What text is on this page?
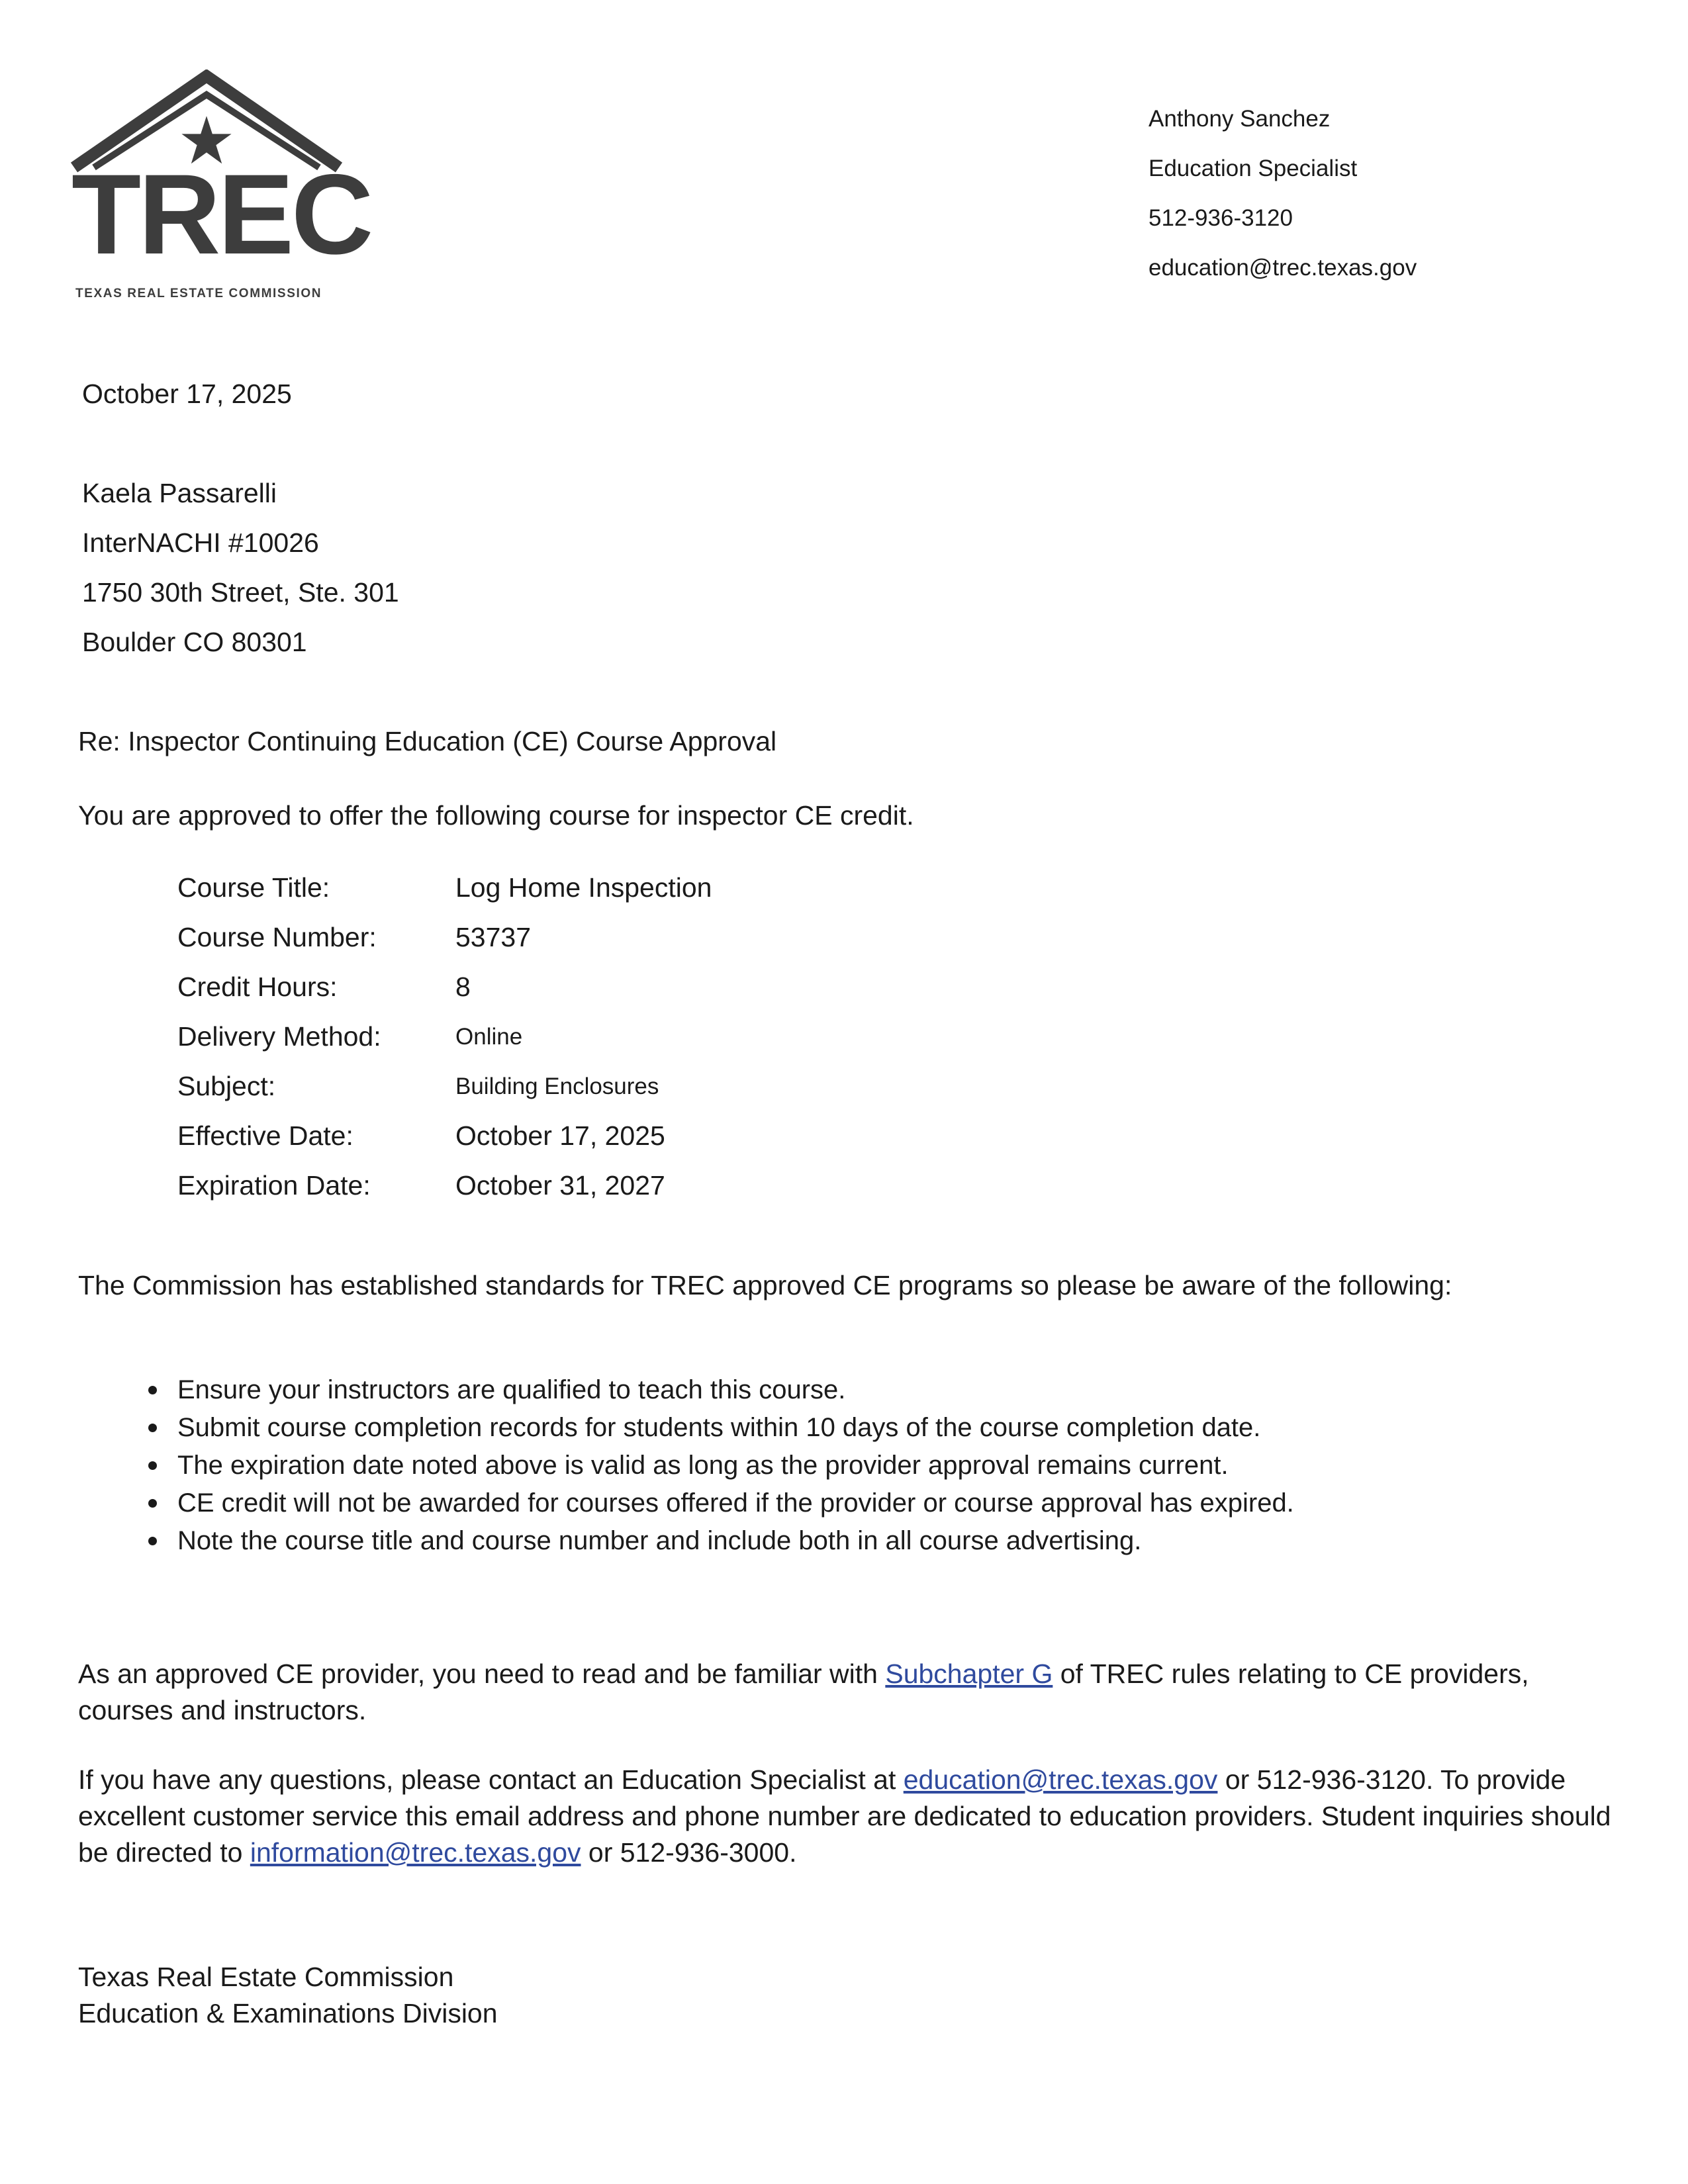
TREC
TEXAS REAL ESTATE COMMISSION
Anthony Sanchez
Education Specialist
512-936-3120
education@trec.texas.gov
October 17, 2025
Kaela Passarelli
InterNACHI #10026
1750 30th Street, Ste. 301
Boulder CO 80301
Re: Inspector Continuing Education (CE) Course Approval
You are approved to offer the following course for inspector CE credit.
Course Title:	Log Home Inspection
Course Number:	53737
Credit Hours:	8
Delivery Method:	Online
Subject:	Building Enclosures
Effective Date:	October 17, 2025
Expiration Date:	October 31, 2027
The Commission has established standards for TREC approved CE programs so please be aware of the following:
Ensure your instructors are qualified to teach this course.
Submit course completion records for students within 10 days of the course completion date.
The expiration date noted above is valid as long as the provider approval remains current.
CE credit will not be awarded for courses offered if the provider or course approval has expired.
Note the course title and course number and include both in all course advertising.
As an approved CE provider, you need to read and be familiar with Subchapter G of TREC rules relating to CE providers, courses and instructors.
If you have any questions, please contact an Education Specialist at education@trec.texas.gov or 512-936-3120. To provide excellent customer service this email address and phone number are dedicated to education providers. Student inquiries should be directed to information@trec.texas.gov or 512-936-3000.
Texas Real Estate Commission
Education & Examinations Division
